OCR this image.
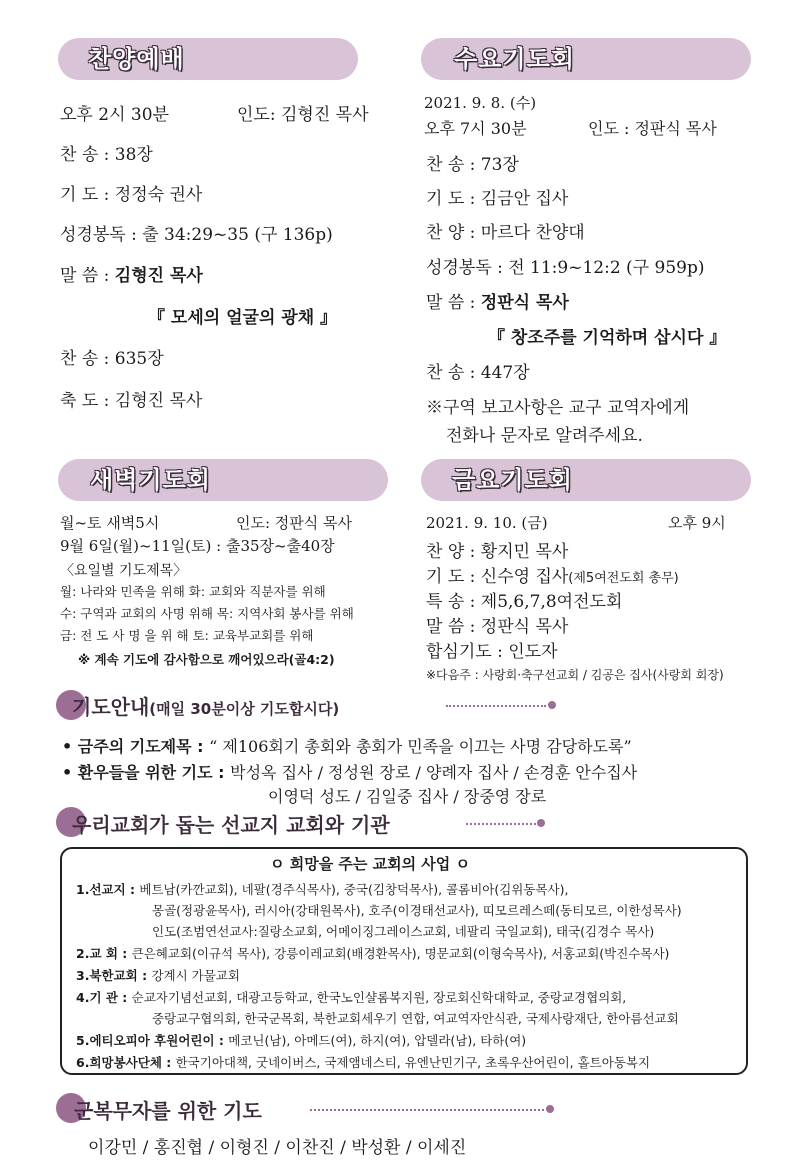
찬양예배
오후 2시 30분	인도: 김형진 목사
찬 송 : 38장
기 도 : 정정숙 권사
성경봉독 : 출 34:29~35 (구 136p)
말 씀 : 김형진 목사
『 모세의 얼굴의 광채 』
찬 송 : 635장
축 도 : 김형진 목사
수요기도회
2021. 9. 8. (수)
오후 7시 30분	인도 : 정판식 목사
찬 송 : 73장
기 도 : 김금안 집사
찬 양 : 마르다 찬양대
성경봉독 : 전 11:9~12:2 (구 959p)
말 씀 : 정판식 목사
『 창조주를 기억하며 삽시다 』
찬 송 : 447장
※구역 보고사항은 교구 교역자에게
전화나 문자로 알려주세요.
새벽기도회
월~토 새벽5시	인도: 정판식 목사
9월 6일(월)~11일(토) : 출35장~출40장
〈요일별 기도제목〉
월: 나라와 민족을 위해 화: 교회와 직분자를 위해
수: 구역과 교회의 사명 위해 목: 지역사회 봉사를 위해
금: 전 도 사 명 을 위 해 토: 교육부교회를 위해
※ 계속 기도에 감사함으로 깨어있으라(골4:2)
금요기도회
2021. 9. 10. (금)	오후 9시
찬 양 : 황지민 목사
기 도 : 신수영 집사(제5여전도회 총무)
특 송 : 제5,6,7,8여전도회
말 씀 : 정판식 목사
합심기도 : 인도자
※다음주 : 사랑회·축구선교회 / 김공은 집사(사랑회 회장)
기도안내(매일 30분이상 기도합시다)
• 금주의 기도제목 : “ 제106회기 총회와 총회가 민족을 이끄는 사명 감당하도록”
• 환우들을 위한 기도 : 박성옥 집사 / 정성원 장로 / 양례자 집사 / 손경훈 안수집사
이영덕 성도 / 김일중 집사 / 장중영 장로
우리교회가 돕는 선교지 교회와 기관
ㅇ 희망을 주는 교회의 사업 ㅇ
1.선교지 : 베트남(카깐교회), 네팔(경주식목사), 중국(김창덕목사), 콜롬비아(김위동목사),
몽골(정광윤목사), 러시아(강태원목사), 호주(이경태선교사), 띠모르레스떼(동티모르, 이한성목사)
인도(조범연선교사:질랑소교회, 어메이징그레이스교회, 네팔리 국일교회), 태국(김경수 목사)
2.교 회 : 큰은혜교회(이규석 목사), 강릉이레교회(배경환목사), 명문교회(이형숙목사), 서홍교회(박진수목사)
3.북한교회 : 강계시 가물교회
4.기 관 : 순교자기념선교회, 대광고등학교, 한국노인샬롬복지원, 장로회신학대학교, 중랑교경협의회,
중랑교구협의회, 한국군목회, 북한교회세우기 연합, 여교역자안식관, 국제사랑재단, 한아름선교회
5.에티오피아 후원어린이 : 메코닌(남), 아메드(여), 하지(여), 압델라(남), 타하(여)
6.희망봉사단체 : 한국기아대책, 굿네이버스, 국제앰네스티, 유엔난민기구, 초록우산어린이, 홀트아동복지
군복무자를 위한 기도
이강민 / 홍진협 / 이형진 / 이찬진 / 박성환 / 이세진
